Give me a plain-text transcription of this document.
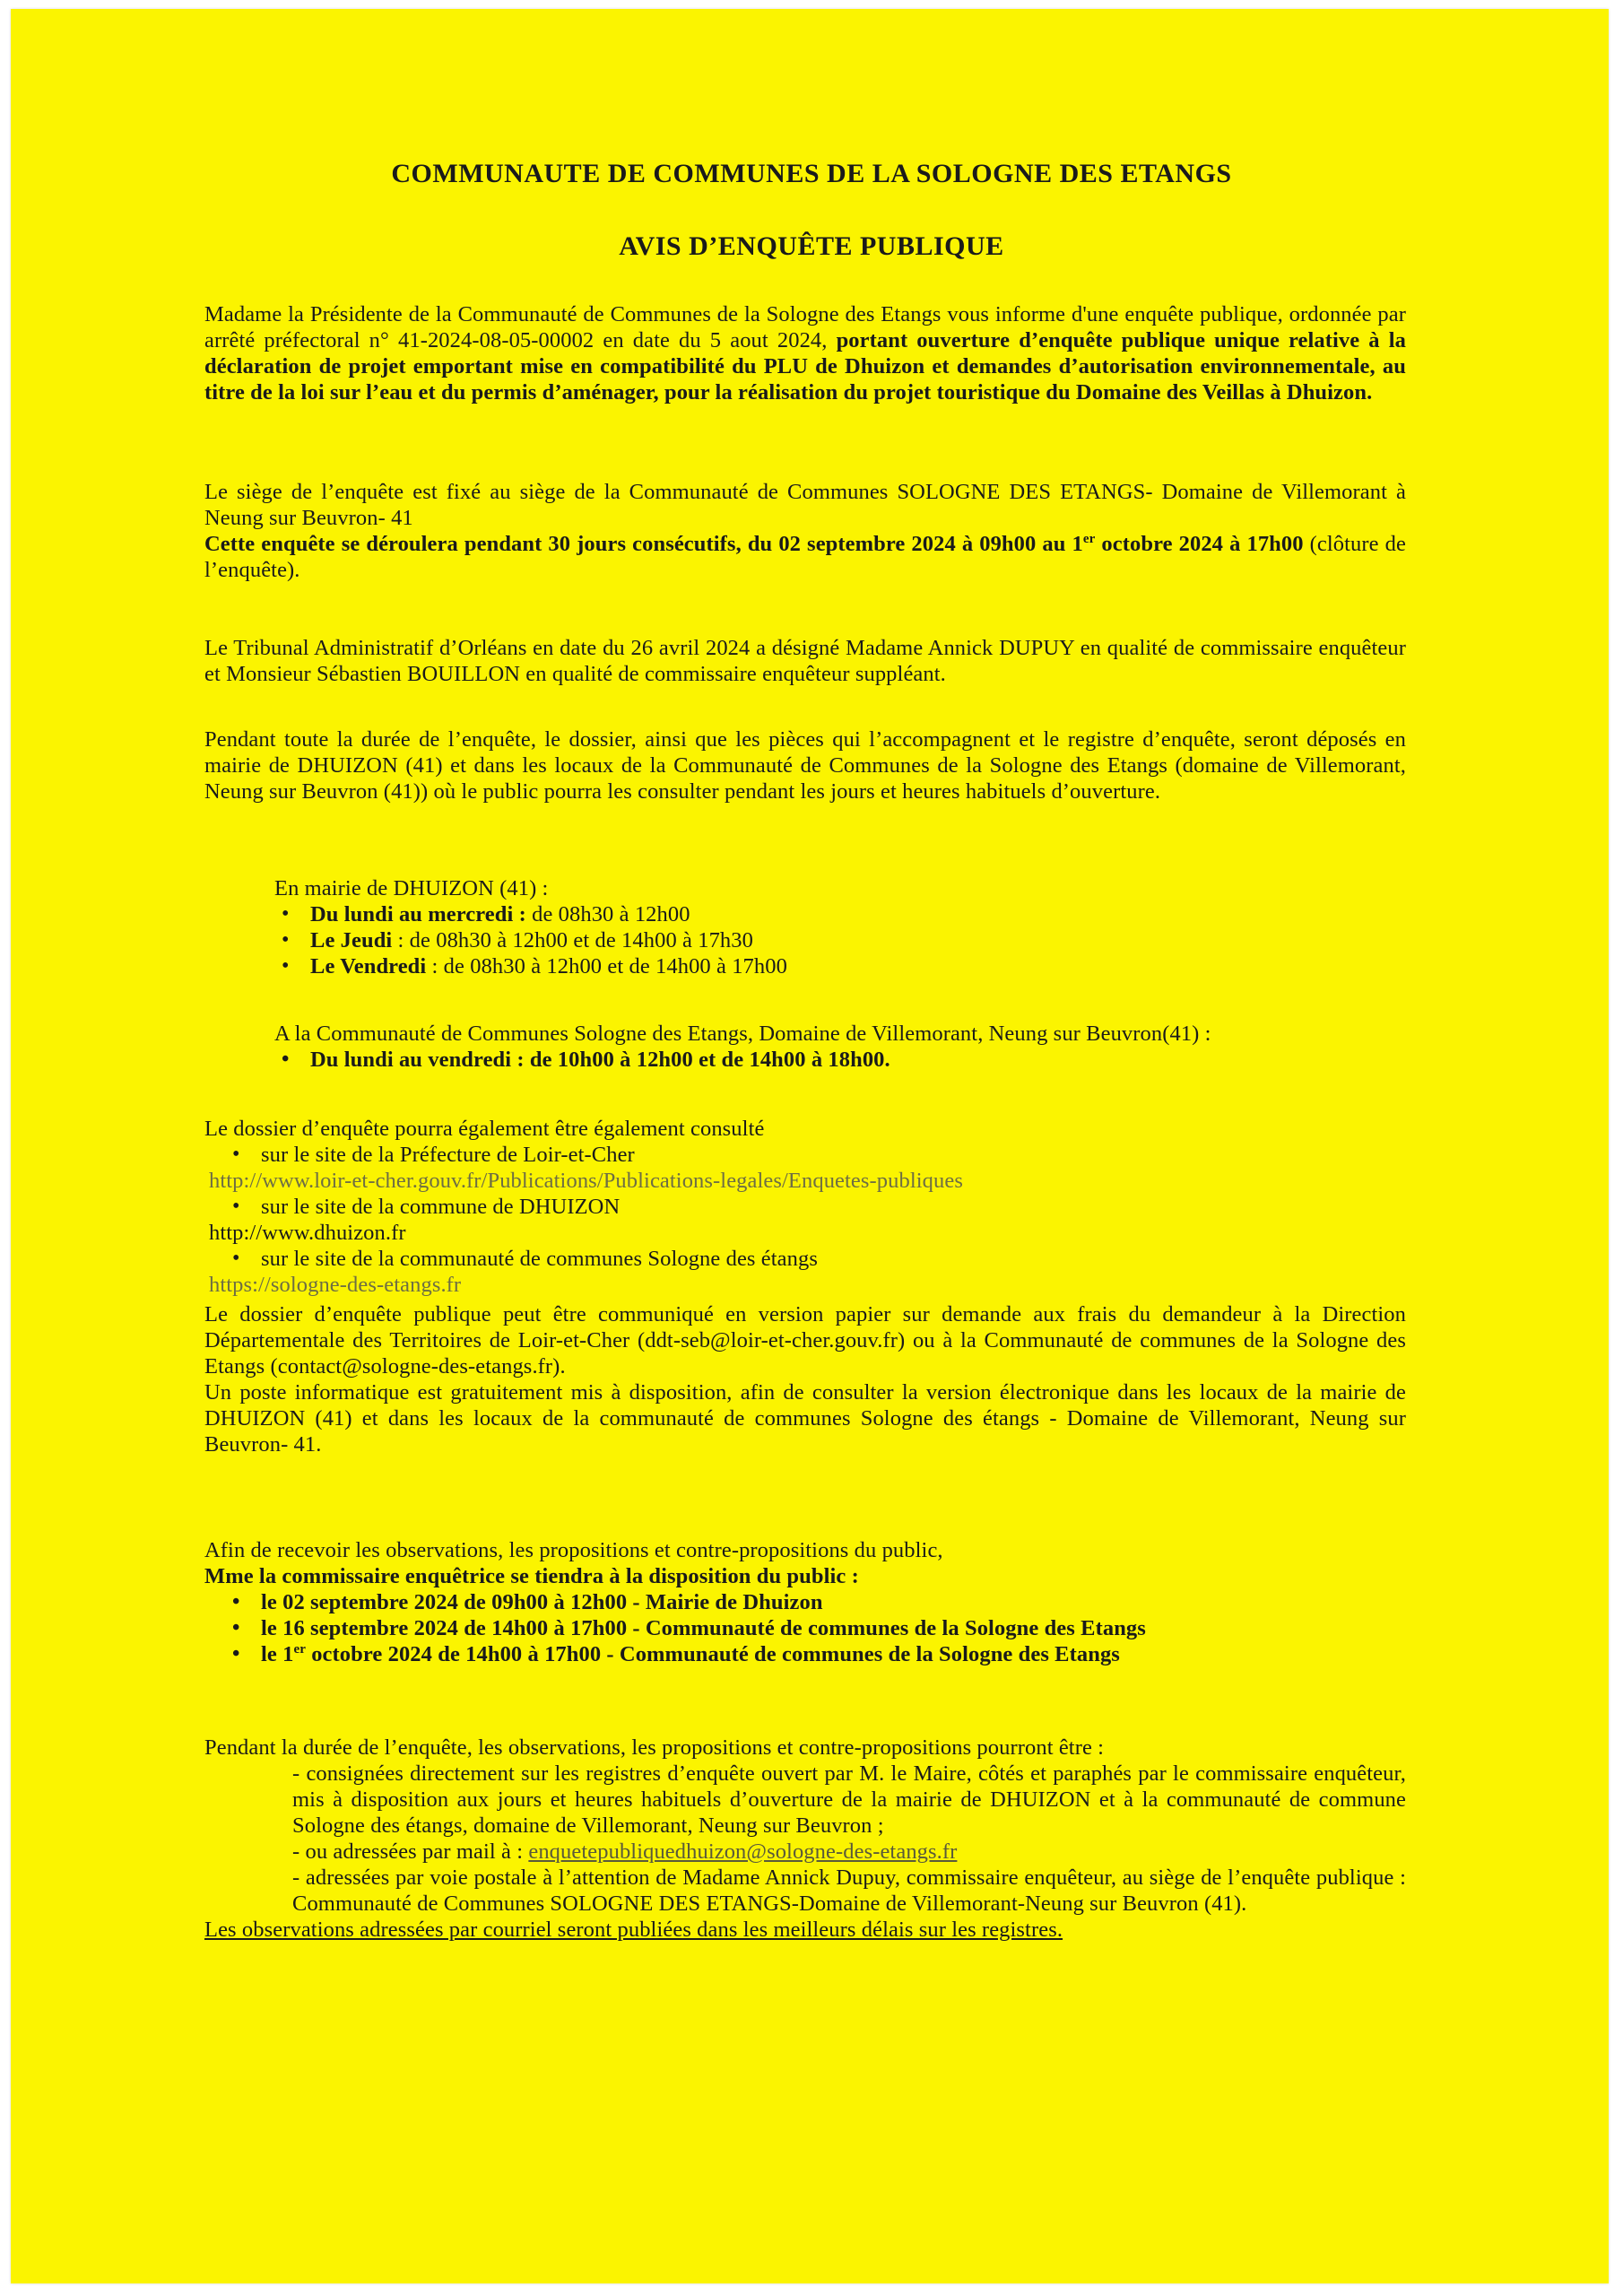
COMMUNAUTE DE COMMUNES DE LA SOLOGNE DES ETANGS
AVIS D’ENQUÊTE PUBLIQUE

Madame la Présidente de la Communauté de Communes de la Sologne des Etangs vous informe d'une enquête publique, ordonnée par arrêté préfectoral n° 41-2024-08-05-00002 en date du 5 aout 2024, portant ouverture d’enquête publique unique relative à la déclaration de projet emportant mise en compatibilité du PLU de Dhuizon et demandes d’autorisation environnementale, au titre de la loi sur l’eau et du permis d’aménager, pour la réalisation du projet touristique du Domaine des Veillas à Dhuizon.

Le siège de l’enquête est fixé au siège de la Communauté de Communes SOLOGNE DES ETANGS- Domaine de Villemorant à Neung sur Beuvron- 41

Cette enquête se déroulera pendant 30 jours consécutifs, du 02 septembre 2024 à 09h00 au 1er octobre 2024 à 17h00 (clôture de l’enquête).

Le Tribunal Administratif d’Orléans en date du 26 avril 2024 a désigné Madame Annick DUPUY en qualité de commissaire enquêteur et Monsieur Sébastien BOUILLON en qualité de commissaire enquêteur suppléant.

Pendant toute la durée de l’enquête, le dossier, ainsi que les pièces qui l’accompagnent et le registre d’enquête, seront déposés en mairie de DHUIZON (41) et dans les locaux de la Communauté de Communes de la Sologne des Etangs (domaine de Villemorant, Neung sur Beuvron (41)) où le public pourra les consulter pendant les jours et heures habituels d’ouverture.

En mairie de DHUIZON (41) :

• Du lundi au mercredi : de 08h30 à 12h00
• Le Jeudi : de 08h30 à 12h00 et de 14h00 à 17h30
• Le Vendredi : de 08h30 à 12h00 et de 14h00 à 17h00

A la Communauté de Communes Sologne des Etangs, Domaine de Villemorant, Neung sur Beuvron(41) :

• Du lundi au vendredi : de 10h00 à 12h00 et de 14h00 à 18h00.

Le dossier d’enquête pourra également être également consulté

• sur le site de la Préfecture de Loir-et-Cher

http://www.loir-et-cher.gouv.fr/Publications/Publications-legales/Enquetes-publiques

• sur le site de la commune de DHUIZON

http://www.dhuizon.fr

• sur le site de la communauté de communes Sologne des étangs

https://sologne-des-etangs.fr

Le dossier d’enquête publique peut être communiqué en version papier sur demande aux frais du demandeur à la Direction Départementale des Territoires de Loir-et-Cher (ddt-seb@loir-et-cher.gouv.fr) ou à la Communauté de communes de la Sologne des Etangs (contact@sologne-des-etangs.fr).

Un poste informatique est gratuitement mis à disposition, afin de consulter la version électronique dans les locaux de la mairie de DHUIZON (41) et dans les locaux de la communauté de communes Sologne des étangs - Domaine de Villemorant, Neung sur Beuvron- 41.

Afin de recevoir les observations, les propositions et contre-propositions du public,

Mme la commissaire enquêtrice se tiendra à la disposition du public :

• le 02 septembre 2024 de 09h00 à 12h00 - Mairie de Dhuizon
• le 16 septembre 2024 de 14h00 à 17h00 - Communauté de communes de la Sologne des Etangs
• le 1er octobre 2024 de 14h00 à 17h00 - Communauté de communes de la Sologne des Etangs

Pendant la durée de l’enquête, les observations, les propositions et contre-propositions pourront être :

- consignées directement sur les registres d’enquête ouvert par M. le Maire, côtés et paraphés par le commissaire enquêteur, mis à disposition aux jours et heures habituels d’ouverture de la mairie de DHUIZON et à la communauté de commune Sologne des étangs, domaine de Villemorant, Neung sur Beuvron ;

- ou adressées par mail à : enquetepubliquedhuizon@sologne-des-etangs.fr

- adressées par voie postale à l’attention de Madame Annick Dupuy, commissaire enquêteur, au siège de l’enquête publique : Communauté de Communes SOLOGNE DES ETANGS-Domaine de Villemorant-Neung sur Beuvron (41).

Les observations adressées par courriel seront publiées dans les meilleurs délais sur les registres.
